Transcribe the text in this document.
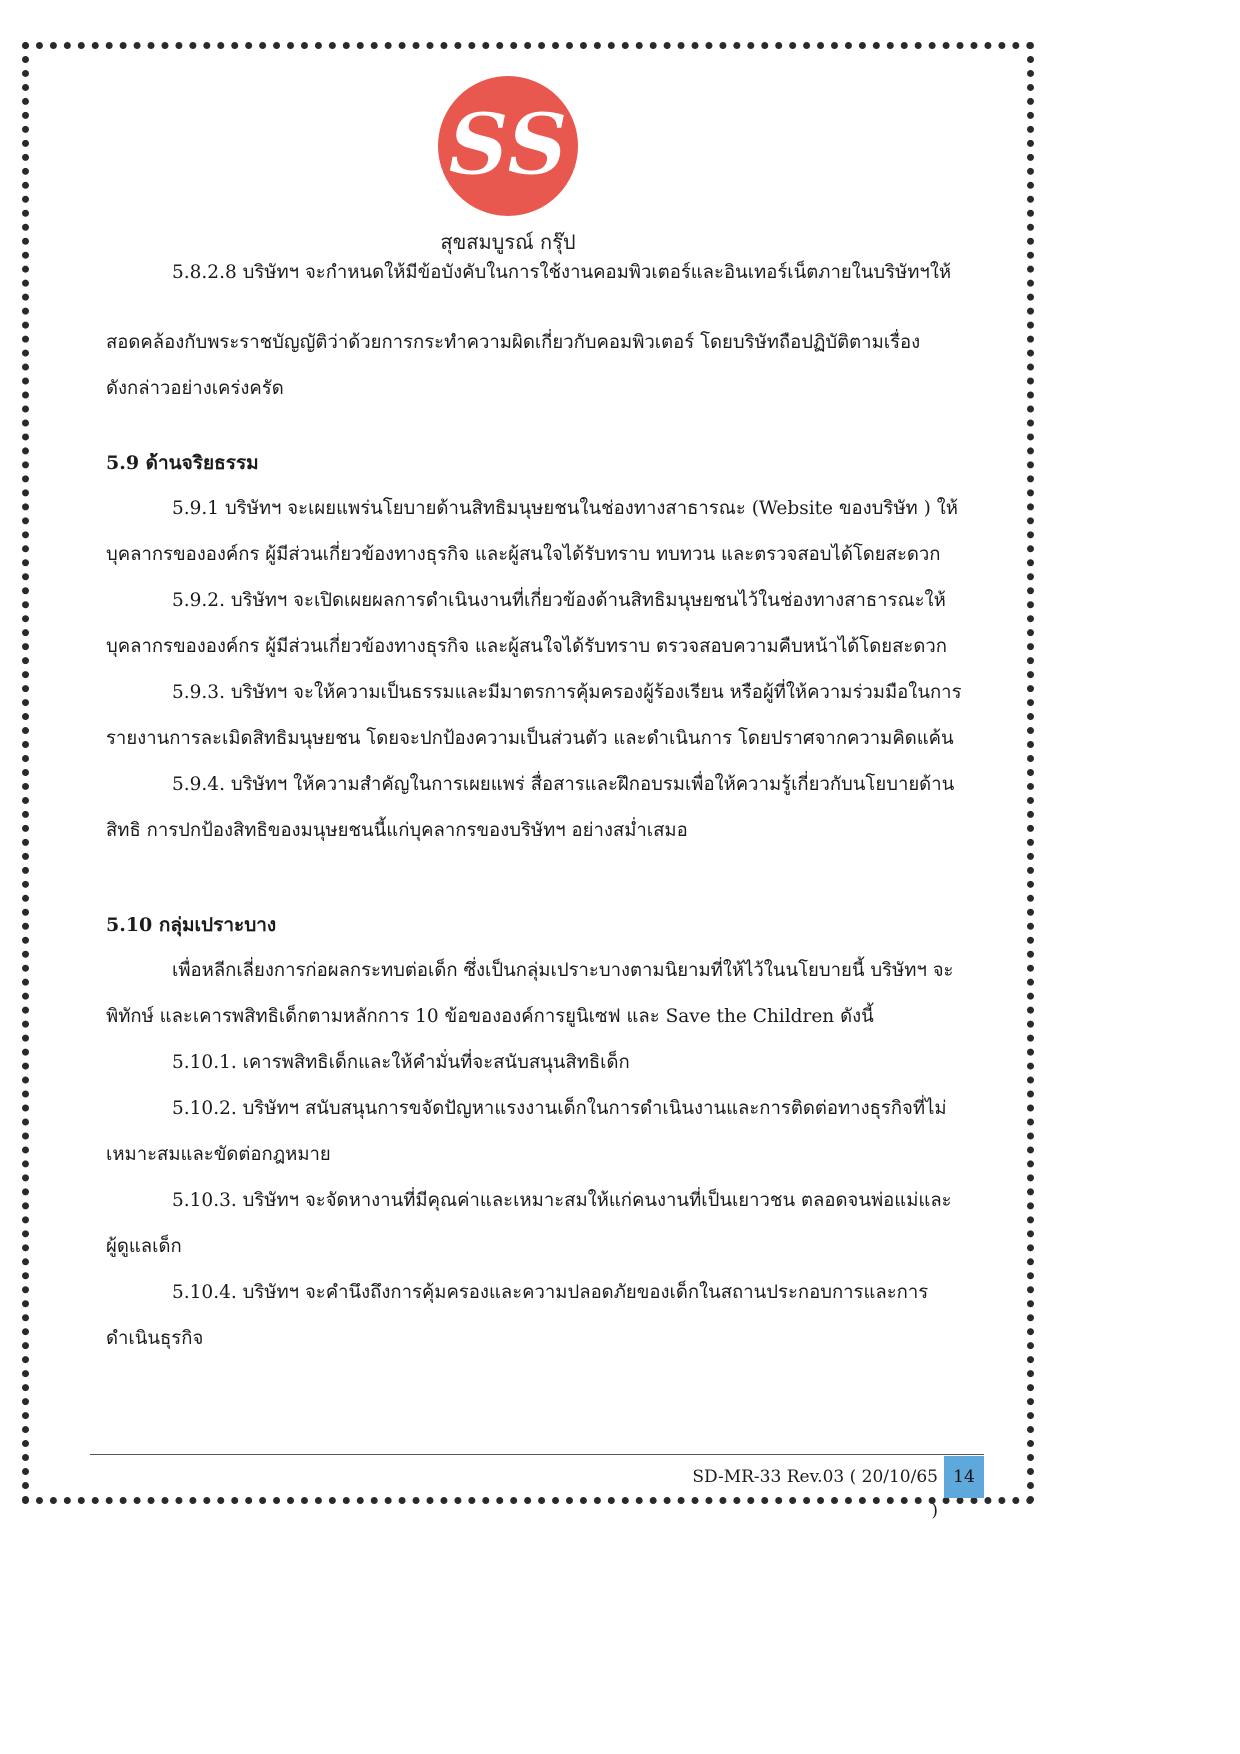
SS
สุขสมบูรณ์ กรุ๊ป
5.8.2.8 บริษัทฯ จะกำหนดให้มีข้อบังคับในการใช้งานคอมพิวเตอร์และอินเทอร์เน็ตภายในบริษัทฯให้
สอดคล้องกับพระราชบัญญัติว่าด้วยการกระทำความผิดเกี่ยวกับคอมพิวเตอร์ โดยบริษัทถือปฏิบัติตามเรื่อง
ดังกล่าวอย่างเคร่งครัด
5.9 ด้านจริยธรรม
5.9.1 บริษัทฯ จะเผยแพร่นโยบายด้านสิทธิมนุษยชนในช่องทางสาธารณะ (Website ของบริษัท ) ให้
บุคลากรขององค์กร ผู้มีส่วนเกี่ยวข้องทางธุรกิจ และผู้สนใจได้รับทราบ ทบทวน และตรวจสอบได้โดยสะดวก
5.9.2. บริษัทฯ จะเปิดเผยผลการดำเนินงานที่เกี่ยวข้องด้านสิทธิมนุษยชนไว้ในช่องทางสาธารณะให้
บุคลากรขององค์กร ผู้มีส่วนเกี่ยวข้องทางธุรกิจ และผู้สนใจได้รับทราบ ตรวจสอบความคืบหน้าได้โดยสะดวก
5.9.3. บริษัทฯ จะให้ความเป็นธรรมและมีมาตรการคุ้มครองผู้ร้องเรียน หรือผู้ที่ให้ความร่วมมือในการ
รายงานการละเมิดสิทธิมนุษยชน โดยจะปกป้องความเป็นส่วนตัว และดำเนินการ โดยปราศจากความคิดแค้น
5.9.4. บริษัทฯ ให้ความสำคัญในการเผยแพร่ สื่อสารและฝึกอบรมเพื่อให้ความรู้เกี่ยวกับนโยบายด้าน
สิทธิ การปกป้องสิทธิของมนุษยชนนี้แก่บุคลากรของบริษัทฯ อย่างสม่ำเสมอ
5.10 กลุ่มเปราะบาง
เพื่อหลีกเลี่ยงการก่อผลกระทบต่อเด็ก ซึ่งเป็นกลุ่มเปราะบางตามนิยามที่ให้ไว้ในนโยบายนี้ บริษัทฯ จะ
พิทักษ์ และเคารพสิทธิเด็กตามหลักการ 10 ข้อขององค์การยูนิเซฟ และ Save the Children ดังนี้
5.10.1. เคารพสิทธิเด็กและให้คำมั่นที่จะสนับสนุนสิทธิเด็ก
5.10.2. บริษัทฯ สนับสนุนการขจัดปัญหาแรงงานเด็กในการดำเนินงานและการติดต่อทางธุรกิจที่ไม่
เหมาะสมและขัดต่อกฎหมาย
5.10.3. บริษัทฯ จะจัดหางานที่มีคุณค่าและเหมาะสมให้แก่คนงานที่เป็นเยาวชน ตลอดจนพ่อแม่และ
ผู้ดูแลเด็ก
5.10.4. บริษัทฯ จะคำนึงถึงการคุ้มครองและความปลอดภัยของเด็กในสถานประกอบการและการ
ดำเนินธุรกิจ
SD-MR-33 Rev.03 ( 20/10/65 )
14
